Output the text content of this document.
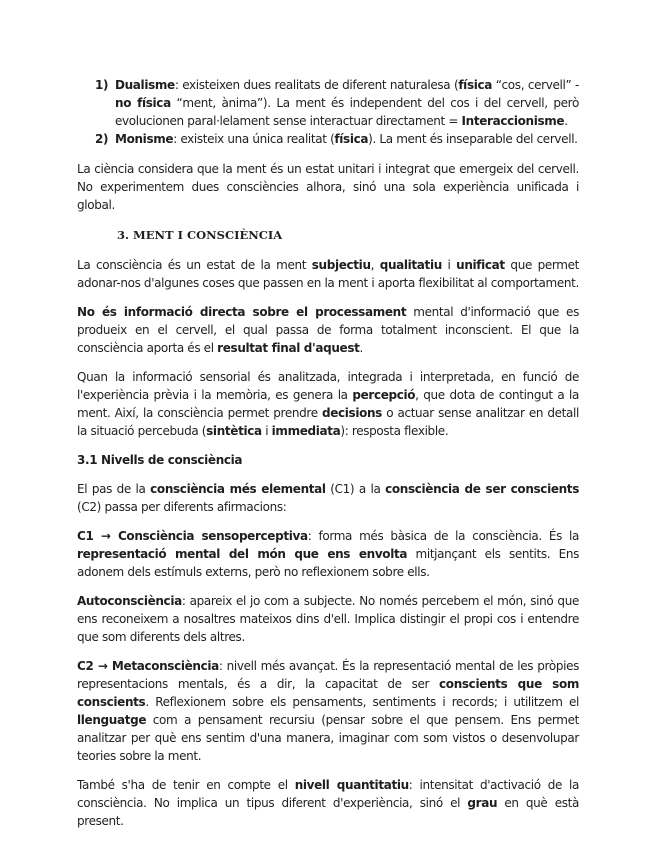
1) Dualisme: existeixen dues realitats de diferent naturalesa (física “cos, cervell” - no física “ment, ànima”). La ment és independent del cos i del cervell, però evolucionen paral·lelament sense interactuar directament = Interaccionisme.
2) Monisme: existeix una única realitat (física). La ment és inseparable del cervell.

La ciència considera que la ment és un estat unitari i integrat que emergeix del cervell. No experimentem dues consciències alhora, sinó una sola experiència unificada i global.

3. MENT I CONSCIÈNCIA

La consciència és un estat de la ment subjectiu, qualitatiu i unificat que permet adonar-nos d'algunes coses que passen en la ment i aporta flexibilitat al comportament.

No és informació directa sobre el processament mental d'informació que es produeix en el cervell, el qual passa de forma totalment inconscient. El que la consciència aporta és el resultat final d'aquest.

Quan la informació sensorial és analitzada, integrada i interpretada, en funció de l'experiència prèvia i la memòria, es genera la percepció, que dota de contingut a la ment. Així, la consciència permet prendre decisions o actuar sense analitzar en detall la situació percebuda (sintètica i immediata): resposta flexible.

3.1 Nivells de consciència

El pas de la consciència més elemental (C1) a la consciència de ser conscients (C2) passa per diferents afirmacions:

C1 → Consciència sensoperceptiva: forma més bàsica de la consciència. És la representació mental del món que ens envolta mitjançant els sentits. Ens adonem dels estímuls externs, però no reflexionem sobre ells.

Autoconsciència: apareix el jo com a subjecte. No només percebem el món, sinó que ens reconeixem a nosaltres mateixos dins d'ell. Implica distingir el propi cos i entendre que som diferents dels altres.

C2 → Metaconsciència: nivell més avançat. És la representació mental de les pròpies representacions mentals, és a dir, la capacitat de ser conscients que som conscients. Reflexionem sobre els pensaments, sentiments i records; i utilitzem el llenguatge com a pensament recursiu (pensar sobre el que pensem. Ens permet analitzar per què ens sentim d'una manera, imaginar com som vistos o desenvolupar teories sobre la ment.

També s'ha de tenir en compte el nivell quantitatiu: intensitat d'activació de la consciència. No implica un tipus diferent d'experiència, sinó el grau en què està present.
